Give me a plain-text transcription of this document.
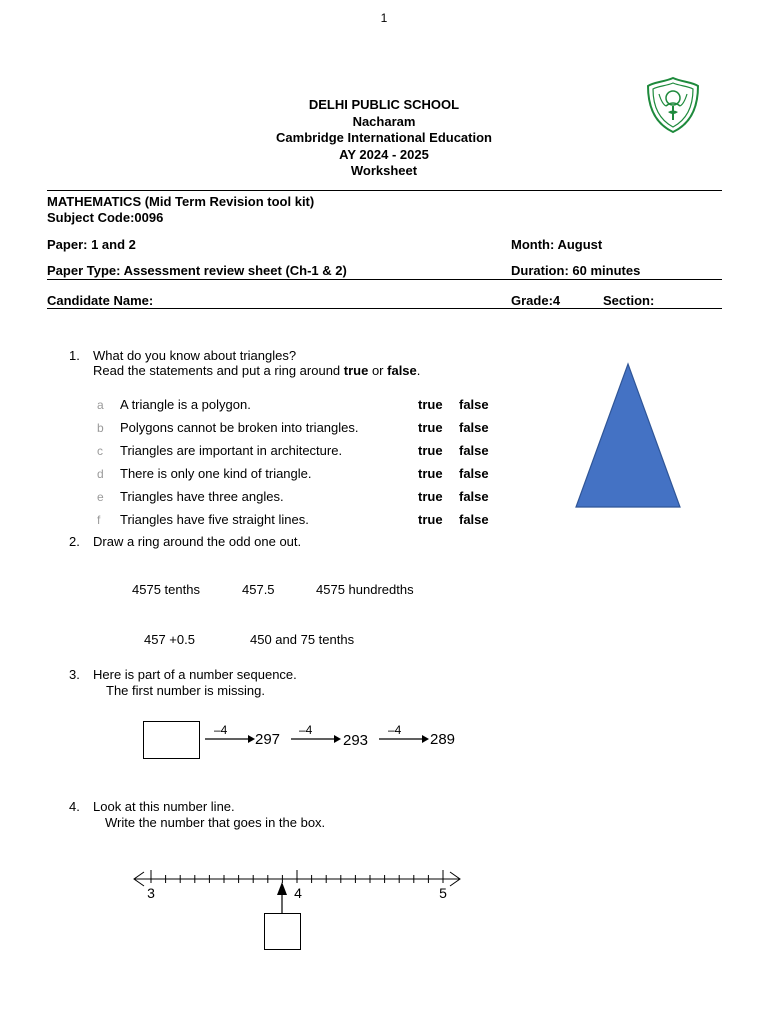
1
DELHI PUBLIC SCHOOL
Nacharam
Cambridge International Education
AY 2024 - 2025
Worksheet
MATHEMATICS (Mid Term Revision tool kit)
Subject Code:0096
Paper: 1 and 2	Month: August
Paper Type: Assessment review sheet (Ch-1 & 2)	Duration: 60 minutes
Candidate Name:	Grade:4	Section:
1. What do you know about triangles?
Read the statements and put a ring around true or false.
a A triangle is a polygon.	true false
b Polygons cannot be broken into triangles.	true false
c Triangles are important in architecture.	true false
d There is only one kind of triangle.	true false
e Triangles have three angles.	true false
f Triangles have five straight lines.	true false
2. Draw a ring around the odd one out.
4575 tenths	457.5	4575 hundredths
457 +0.5	450 and 75 tenths
3. Here is part of a number sequence.
The first number is missing.
–4
297
–4
293
–4
289
4. Look at this number line.
Write the number that goes in the box.
3	4	5
